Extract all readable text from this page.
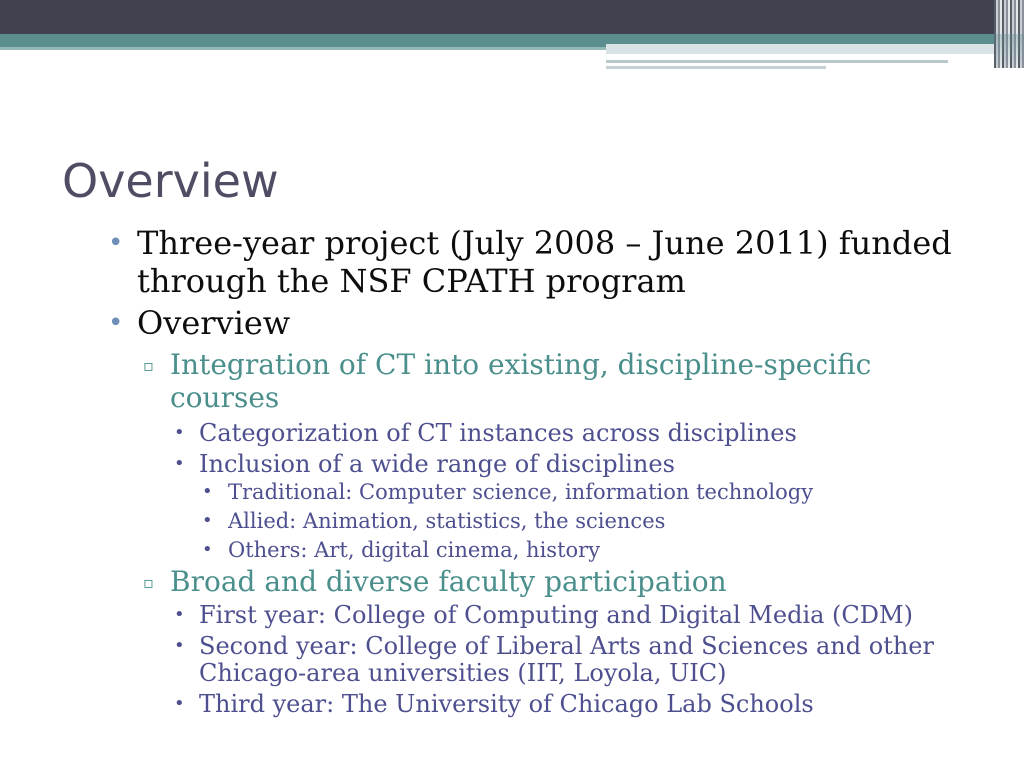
Overview
• Three-year project (July 2008 – June 2011) funded through the NSF CPATH program
• Overview
▫ Integration of CT into existing, discipline-specific courses
• Categorization of CT instances across disciplines
• Inclusion of a wide range of disciplines
• Traditional: Computer science, information technology
• Allied: Animation, statistics, the sciences
• Others: Art, digital cinema, history
▫ Broad and diverse faculty participation
• First year: College of Computing and Digital Media (CDM)
• Second year: College of Liberal Arts and Sciences and other Chicago-area universities (IIT, Loyola, UIC)
• Third year: The University of Chicago Lab Schools
